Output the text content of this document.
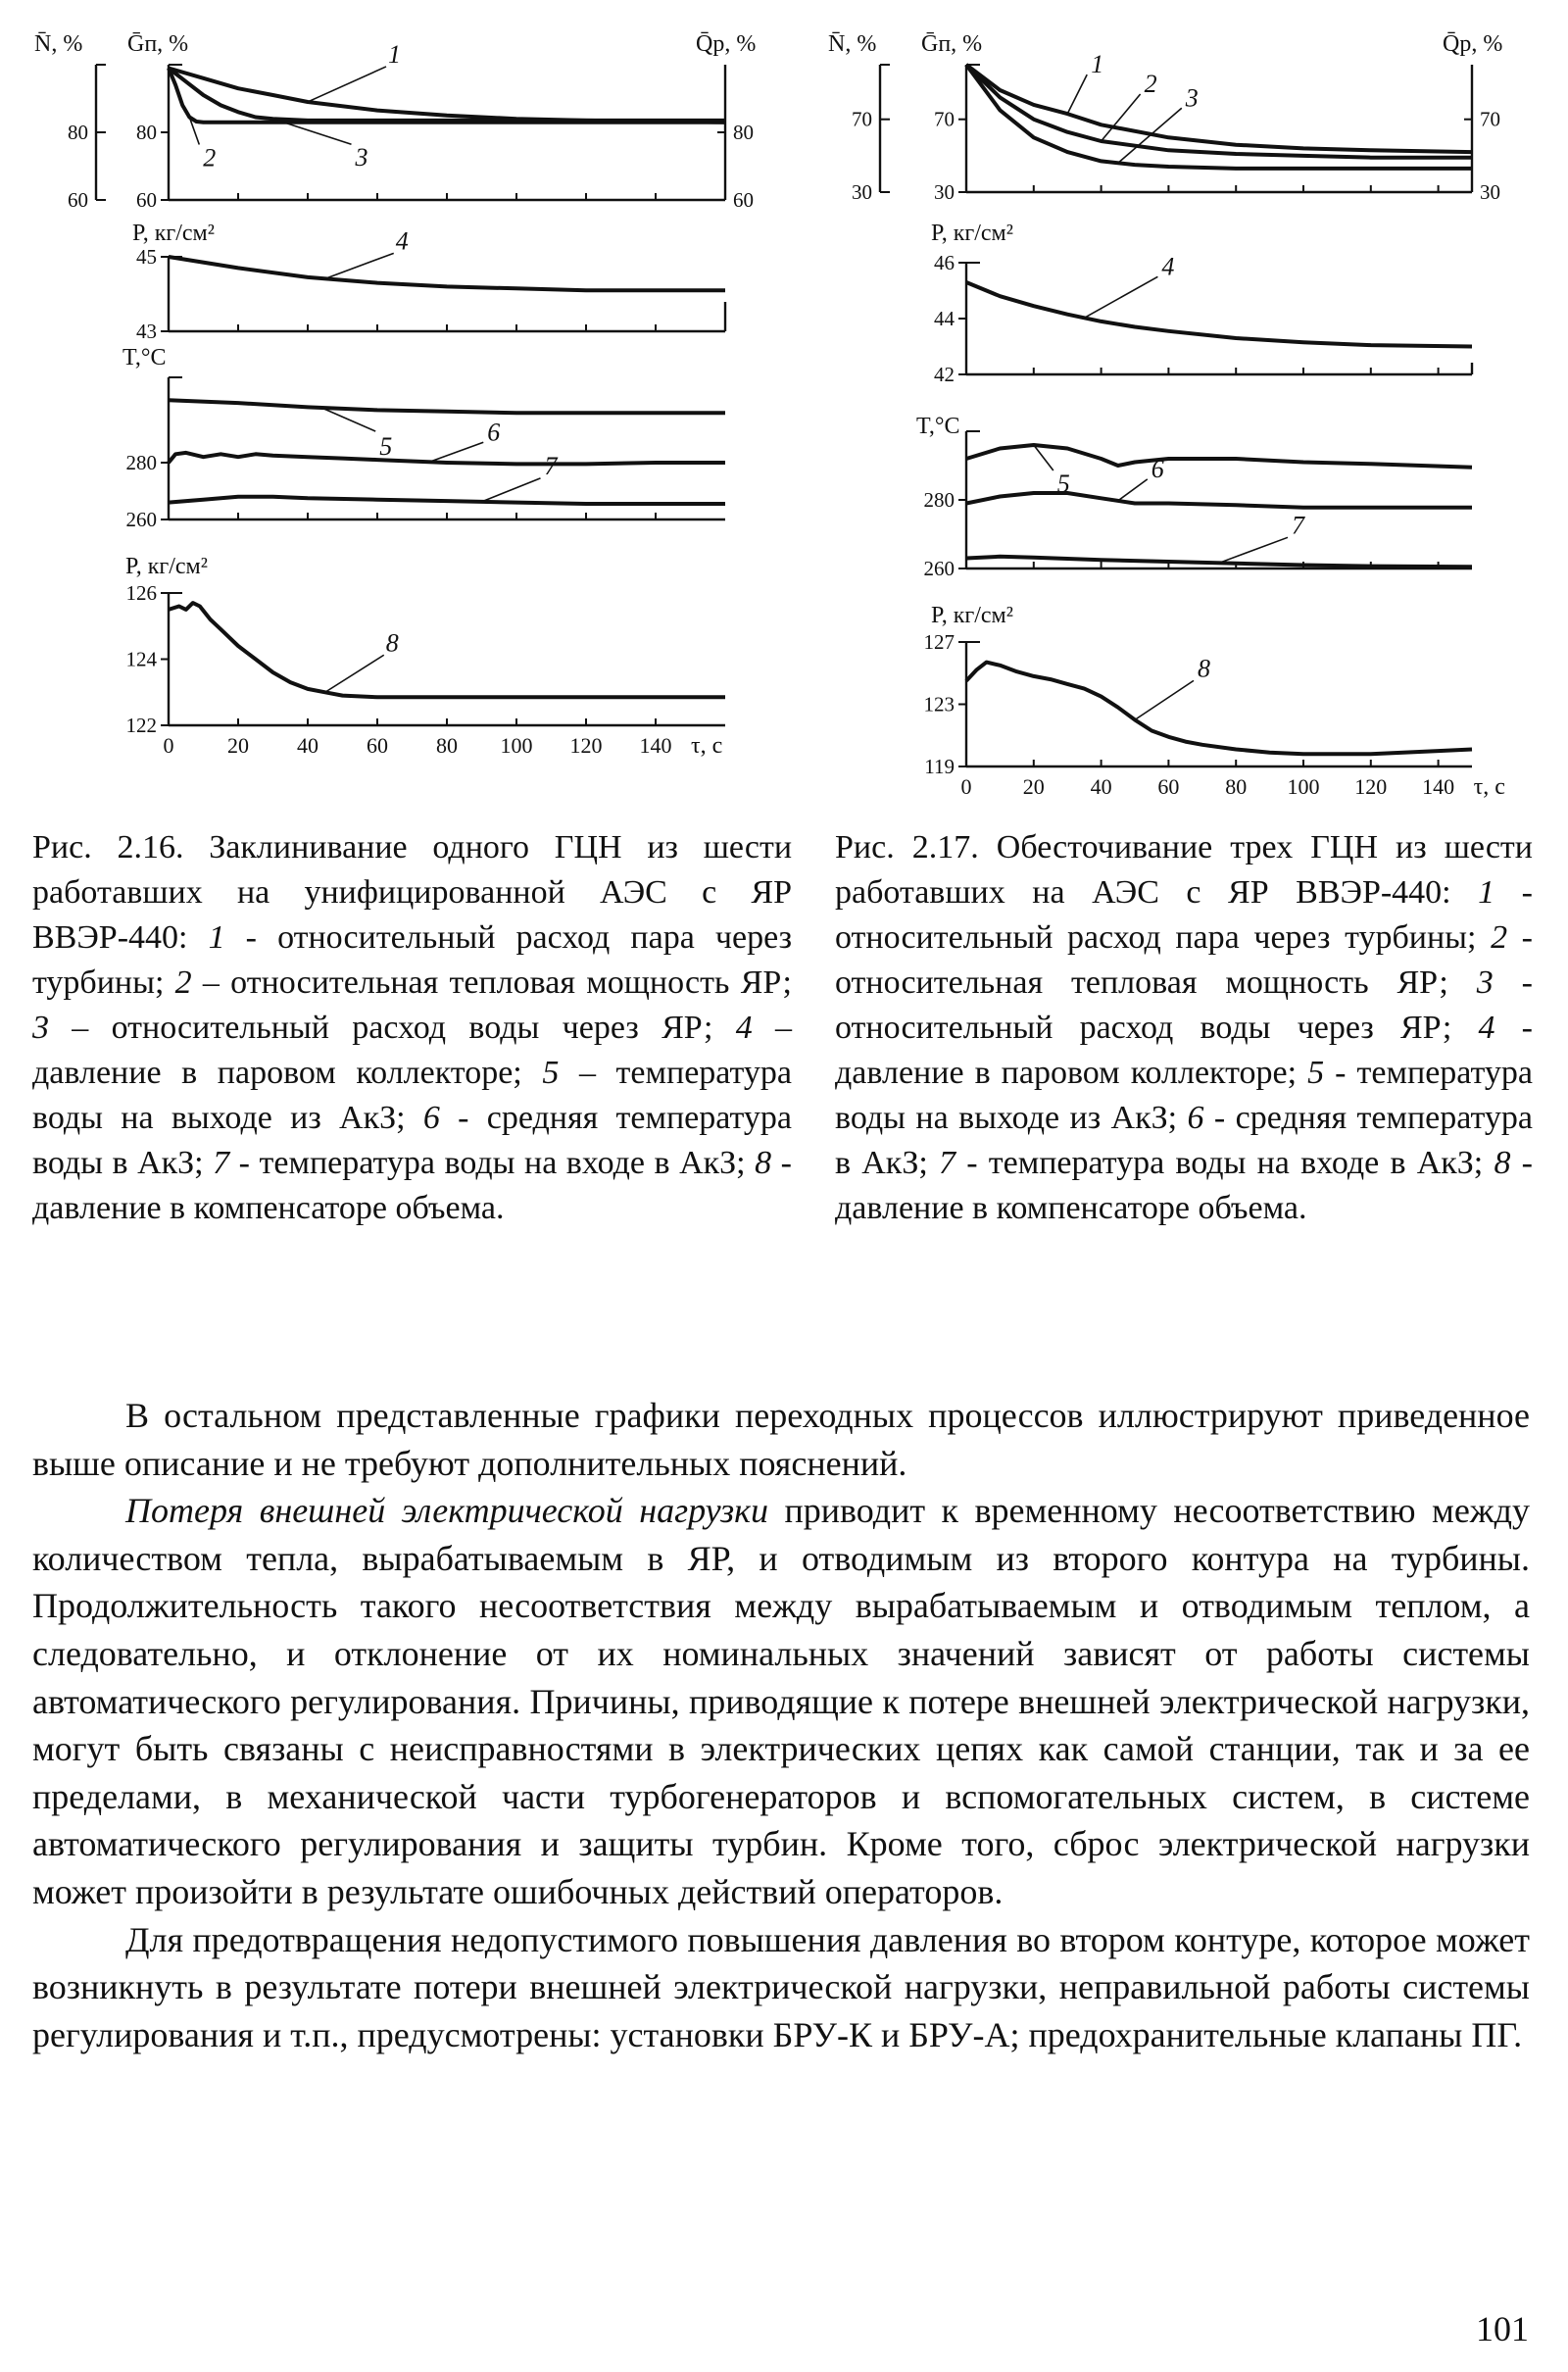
Q̄р, %
N̄, % Ḡп, %
80
60
80
60
80
60
1
2	3
P, кг/см²
45
43
4
T,°C
280
260
5
6
7
P, кг/см²
126
124
122
8
0 20 40 60 80 100 120 140 τ, c
Q̄р, %
N̄, % Ḡп, %
70
30
70
30
70
30
1
2 3
P, кг/см²
46
44
42
4
T,°C
280
260
5
6
7
P, кг/см²
127
123
119
8
0 20 40 60 80 100 120 140 τ, c
Рис. 2.16. Заклинивание одного ГЦН из шести работавших на унифицированной АЭС с ЯР ВВЭР-440: 1 - относительный расход пара через турбины; 2 – относительная тепловая мощность ЯР; 3 – относительный расход воды через ЯР; 4 – давление в паровом коллекторе; 5 – температура воды на выходе из АкЗ; 6 - средняя температура воды в АкЗ; 7 - температура воды на входе в АкЗ; 8 - давление в компенсаторе объема.
Рис. 2.17. Обесточивание трех ГЦН из шести работавших на АЭС с ЯР ВВЭР-440: 1 - относительный расход пара через турбины; 2 - относительная тепловая мощность ЯР; 3 - относительный расход воды через ЯР; 4 - давление в паровом коллекторе; 5 - температура воды на выходе из АкЗ; 6 - средняя температура в АкЗ; 7 - температура воды на входе в АкЗ; 8 - давление в компенсаторе объема.

В остальном представленные графики переходных процессов иллюстрируют приведенное выше описание и не требуют дополнительных пояснений.

Потеря внешней электрической нагрузки приводит к временному несоответствию между количеством тепла, вырабатываемым в ЯР, и отводимым из второго контура на турбины. Продолжительность такого несоответствия между вырабатываемым и отводимым теплом, а следовательно, и отклонение от их номинальных значений зависят от работы системы автоматического регулирования. Причины, приводящие к потере внешней электрической нагрузки, могут быть связаны с неисправностями в электрических цепях как самой станции, так и за ее пределами, в механической части турбогенераторов и вспомогательных систем, в системе автоматического регулирования и защиты турбин. Кроме того, сброс электрической нагрузки может произойти в результате ошибочных действий операторов.

Для предотвращения недопустимого повышения давления во втором контуре, которое может возникнуть в результате потери внешней электрической нагрузки, неправильной работы системы регулирования и т.п., предусмотрены: установки БРУ-К и БРУ-А; предохранительные клапаны ПГ.

101
